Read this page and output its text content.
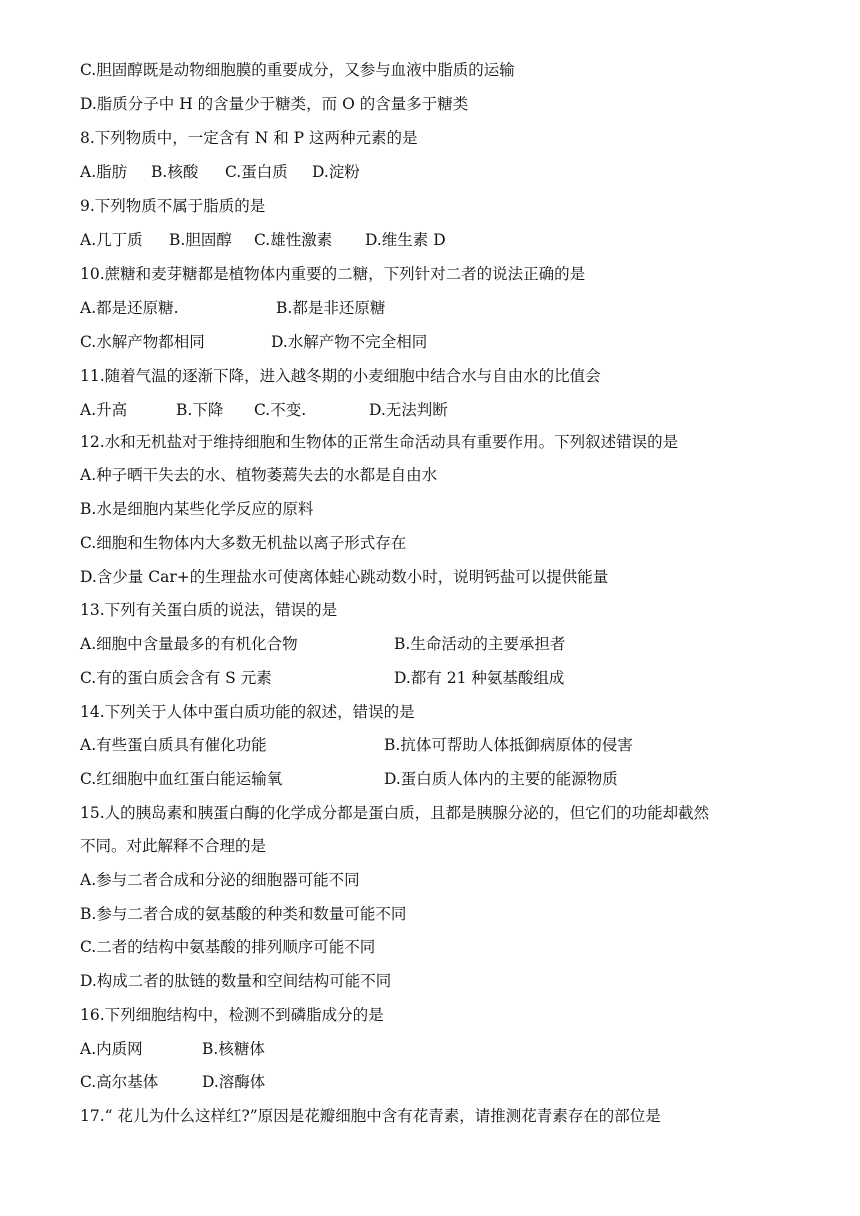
C.胆固醇既是动物细胞膜的重要成分，又参与血液中脂质的运输

D.脂质分子中 H 的含量少于糖类，而 O 的含量多于糖类

8.下列物质中，一定含有 N 和 P 这两种元素的是

A.脂肪 B.核酸 C.蛋白质 D.淀粉

9.下列物质不属于脂质的是

A.几丁质 B.胆固醇 C.雄性激素 D.维生素 D

10.蔗糖和麦芽糖都是植物体内重要的二糖，下列针对二者的说法正确的是

A.都是还原糖.	B.都是非还原糖
C.水解产物都相同	D.水解产物不完全相同

11.随着气温的逐渐下降，进入越冬期的小麦细胞中结合水与自由水的比值会

A.升高	B.下降 C.不变.	D.无法判断

12.水和无机盐对于维持细胞和生物体的正常生命活动具有重要作用。下列叙述错误的是

A.种子晒干失去的水、植物萎蔫失去的水都是自由水

B.水是细胞内某些化学反应的原料

C.细胞和生物体内大多数无机盐以离子形式存在

D.含少量 Car+的生理盐水可使离体蛙心跳动数小时，说明钙盐可以提供能量

13.下列有关蛋白质的说法，错误的是

A.细胞中含量最多的有机化合物	B.生命活动的主要承担者
C.有的蛋白质会含有 S 元素	D.都有 21 种氨基酸组成

14.下列关于人体中蛋白质功能的叙述，错误的是

A.有些蛋白质具有催化功能	B.抗体可帮助人体抵御病原体的侵害
C.红细胞中血红蛋白能运输氧	D.蛋白质人体内的主要的能源物质

15.人的胰岛素和胰蛋白酶的化学成分都是蛋白质，且都是胰腺分泌的，但它们的功能却截然

不同。对此解释不合理的是

A.参与二者合成和分泌的细胞器可能不同

B.参与二者合成的氨基酸的种类和数量可能不同

C.二者的结构中氨基酸的排列顺序可能不同

D.构成二者的肽链的数量和空间结构可能不同

16.下列细胞结构中，检测不到磷脂成分的是

A.内质网	B.核糖体
C.高尔基体	D.溶酶体

17.“ 花儿为什么这样红?”原因是花瓣细胞中含有花青素，请推测花青素存在的部位是
